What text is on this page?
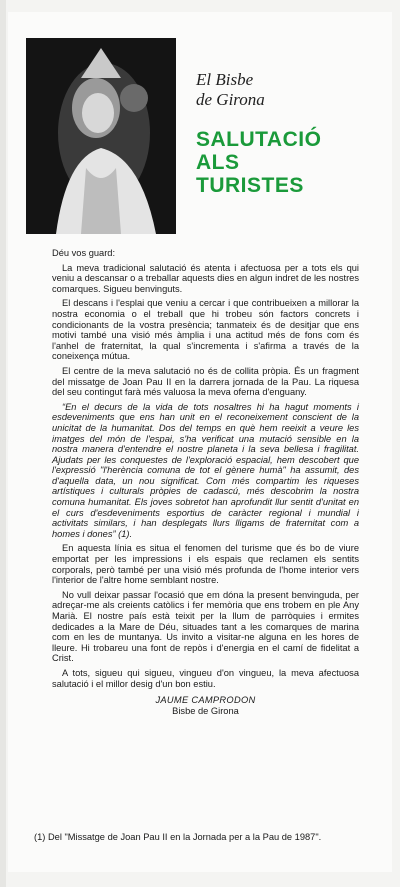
El Bisbe
de Girona
SALUTACIÓ
ALS
TURISTES

Déu vos guard:

La meva tradicional salutació és atenta i afectuosa per a tots els qui veniu a descansar o a treballar aquests dies en algun indret de les nostres comarques. Sigueu benvinguts.

El descans i l'esplai que veniu a cercar i que contribueixen a millorar la nostra economia o el treball que hi trobeu són factors concrets i condicionants de la vostra presència; tanmateix és de desitjar que ens motivi també una visió més àmplia i una actitud més de fons com és l'anhel de fraternitat, la qual s'incrementa i s'afirma a través de la coneixença mútua.

El centre de la meva salutació no és de collita pròpia. És un fragment del missatge de Joan Pau II en la darrera jornada de la Pau. La riquesa del seu contingut farà més valuosa la meva oferna d'enguany.

“En el decurs de la vida de tots nosaltres hi ha hagut moments i esdeveniments que ens han unit en el reconeixement conscient de la unicitat de la humanitat. Dos del temps en què hem reeixit a veure les imatges del món de l'espai, s'ha verificat una mutació sensible en la nostra manera d'entendre el nostre planeta i la seva bellesa i fragilitat. Ajudats per les conquestes de l'exploració espacial, hem descobert que l'expressió "l'herència comuna de tot el gènere humà" ha assumit, des d'aquella data, un nou significat. Com més compartim les riqueses artístiques i culturals pròpies de cadascú, més descobrim la nostra comuna humanitat. Els joves sobretot han aprofundit llur sentit d'unitat en el curs d'esdeveniments esportius de caràcter regional i mundial i activitats similars, i han desplegats llurs lligams de fraternitat com a homes i dones” (1).

En aquesta línia es situa el fenomen del turisme que és bo de viure emportat per les impressions i els espais que reclamen els sentits corporals, però també per una visió més profunda de l'home interior vers l'interior de l'altre home semblant nostre.

No vull deixar passar l'ocasió que em dóna la present benvinguda, per adreçar-me als creients catòlics i fer memòria que ens trobem en ple Any Marià. El nostre país està teixit per la llum de parròquies i ermites dedicades a la Mare de Déu, situades tant a les comarques de marina com en les de muntanya. Us invito a visitar-ne alguna en les hores de lleure. Hi trobareu una font de repòs i d'energia en el camí de fidelitat a Crist.

A tots, sigueu qui sigueu, vingueu d'on vingueu, la meva afectuosa salutació i el millor desig d'un bon estiu.

JAUME CAMPRODON
Bisbe de Girona
(1) Del "Missatge de Joan Pau II en la Jornada per a la Pau de 1987".
